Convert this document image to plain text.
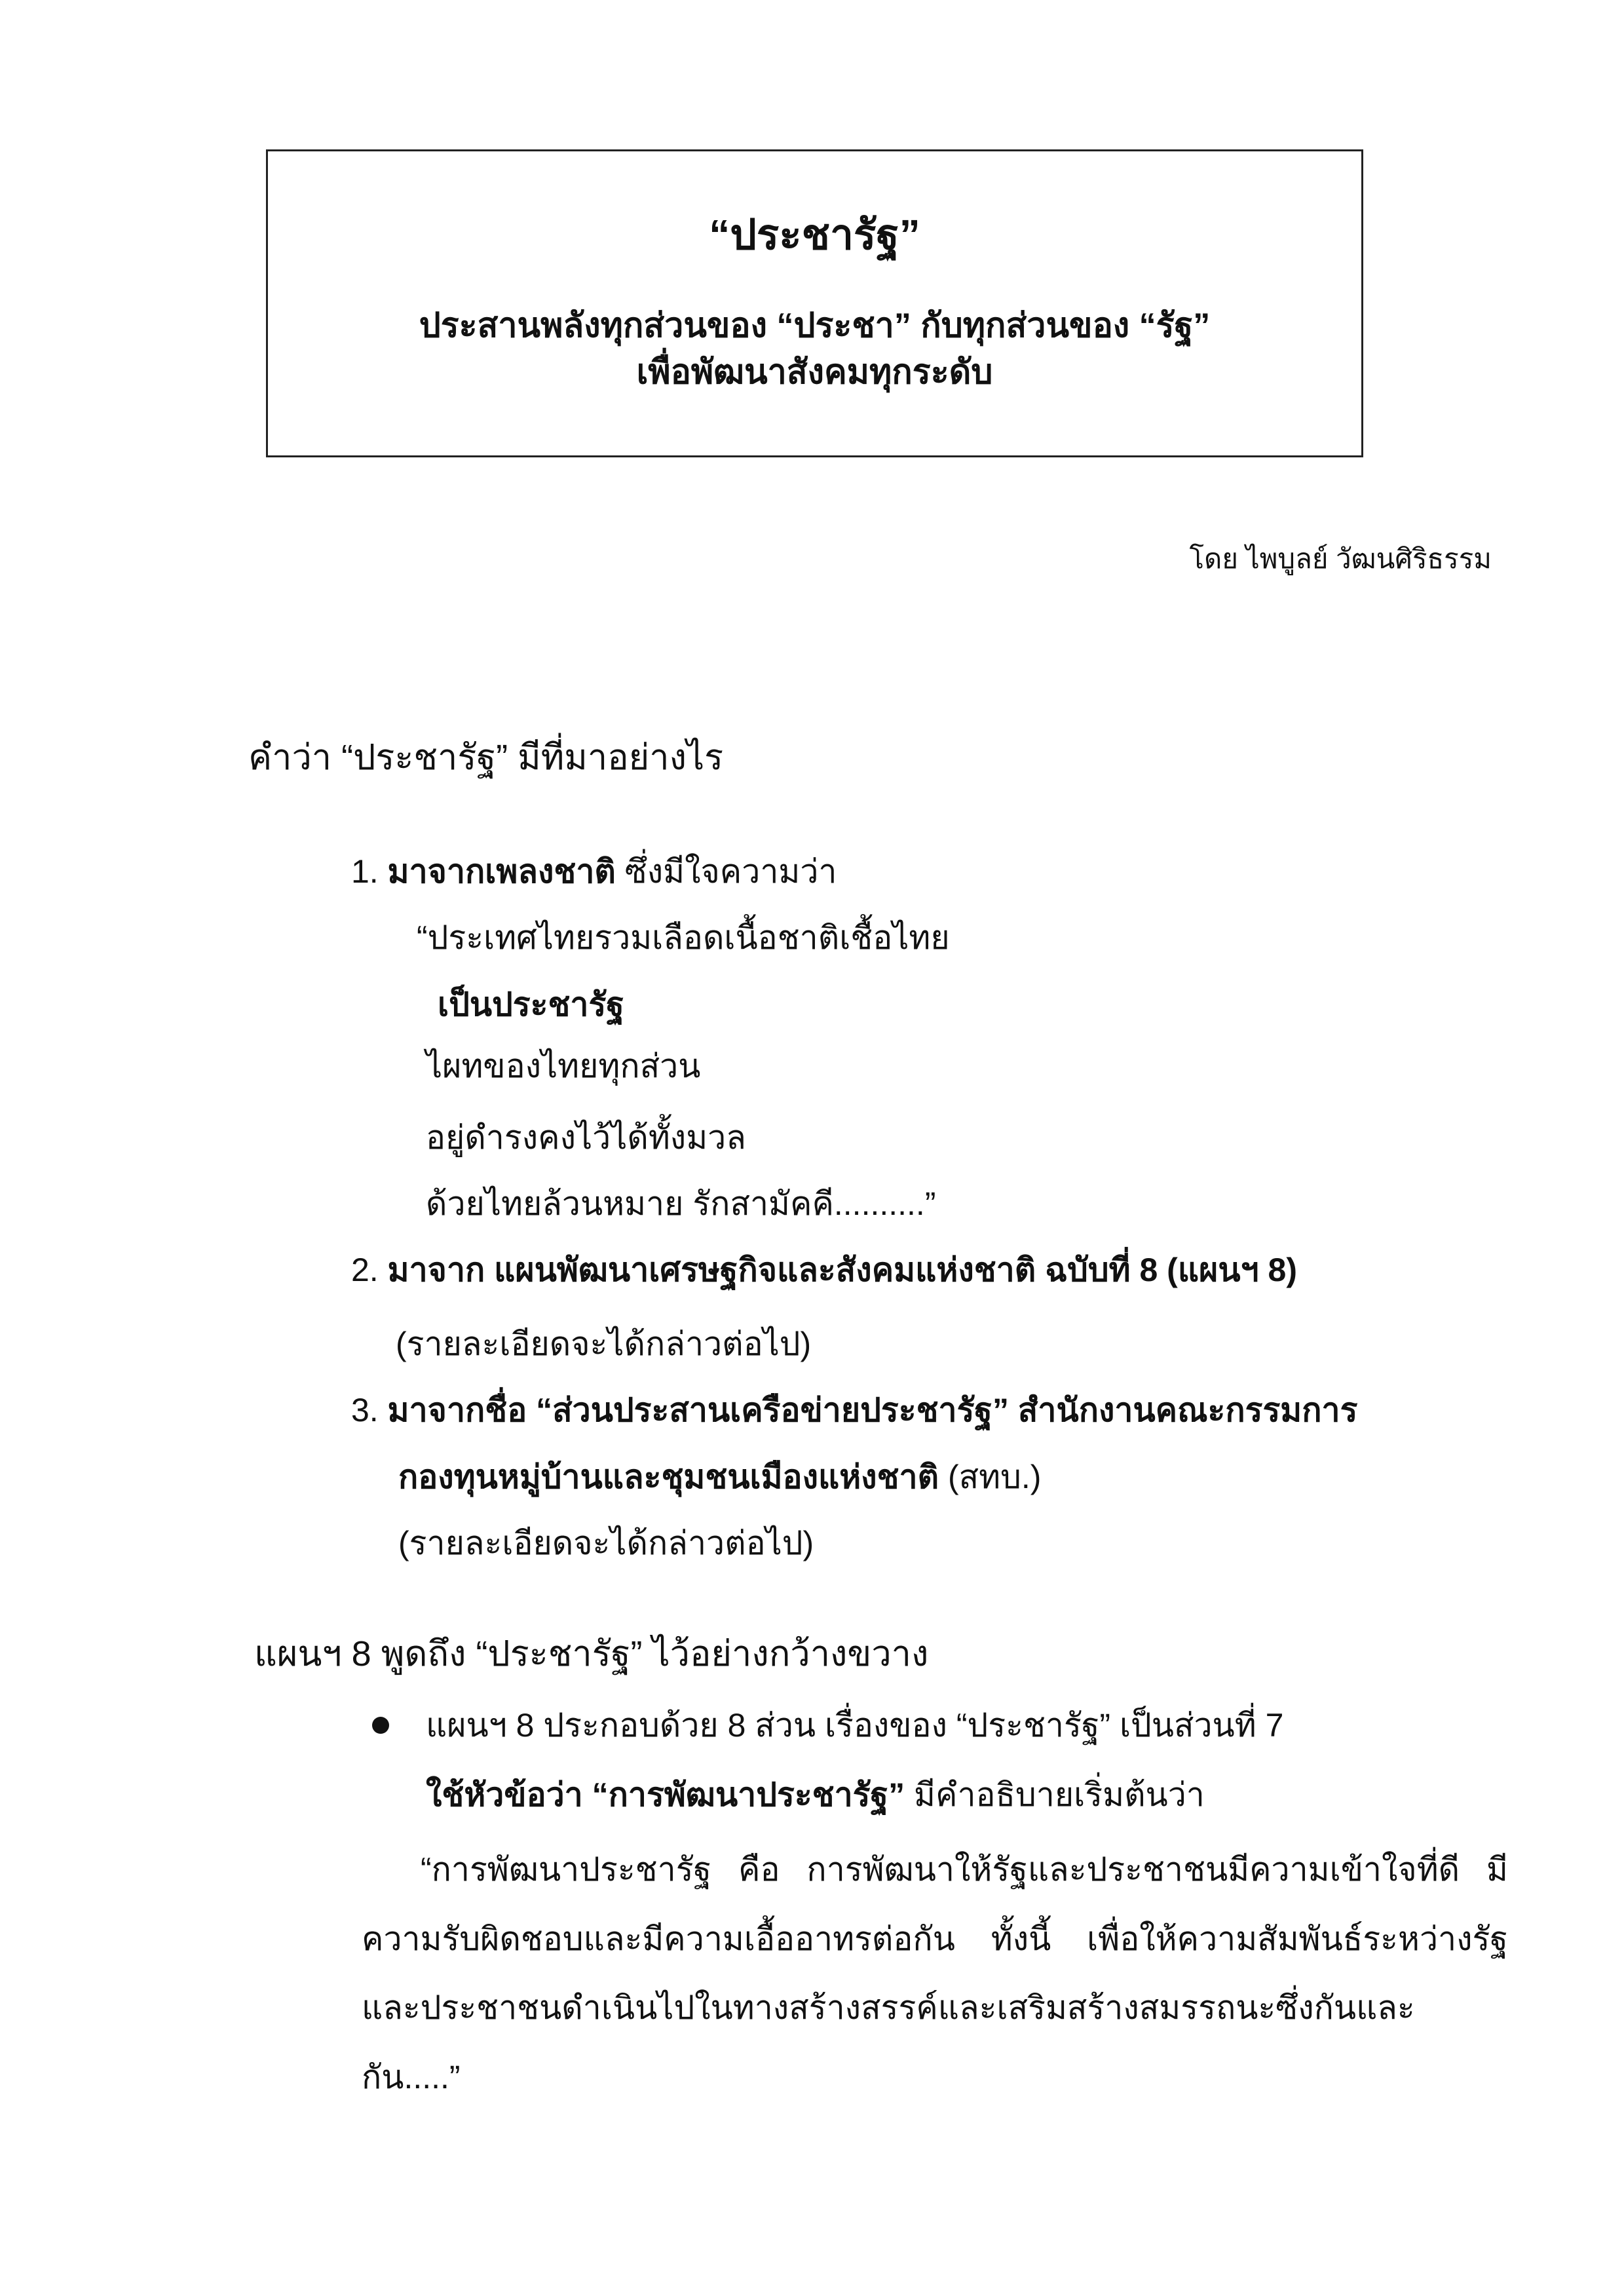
“ประชารัฐ”
ประสานพลังทุกส่วนของ “ประชา” กับทุกส่วนของ “รัฐ”
เพื่อพัฒนาสังคมทุกระดับ
โดย ไพบูลย์ วัฒนศิริธรรม
คำว่า “ประชารัฐ” มีที่มาอย่างไร
1. มาจากเพลงชาติ ซึ่งมีใจความว่า
“ประเทศไทยรวมเลือดเนื้อชาติเชื้อไทย
เป็นประชารัฐ
ไผทของไทยทุกส่วน
อยู่ดำรงคงไว้ได้ทั้งมวล
ด้วยไทยล้วนหมาย รักสามัคคี..........”
2. มาจาก แผนพัฒนาเศรษฐกิจและสังคมแห่งชาติ ฉบับที่ 8 (แผนฯ 8)
(รายละเอียดจะได้กล่าวต่อไป)
3. มาจากชื่อ “ส่วนประสานเครือข่ายประชารัฐ” สำนักงานคณะกรรมการ
กองทุนหมู่บ้านและชุมชนเมืองแห่งชาติ (สทบ.)
(รายละเอียดจะได้กล่าวต่อไป)
แผนฯ 8 พูดถึง “ประชารัฐ” ไว้อย่างกว้างขวาง
แผนฯ 8 ประกอบด้วย 8 ส่วน เรื่องของ “ประชารัฐ” เป็นส่วนที่ 7
ใช้หัวข้อว่า “การพัฒนาประชารัฐ” มีคำอธิบายเริ่มต้นว่า
“การพัฒนาประชารัฐ คือ การพัฒนาให้รัฐและประชาชนมีความเข้าใจที่ดี มีความรับผิดชอบและมีความเอื้ออาทรต่อกัน ทั้งนี้ เพื่อให้ความสัมพันธ์ระหว่างรัฐและประชาชนดำเนินไปในทางสร้างสรรค์และเสริมสร้างสมรรถนะซึ่งกันและกัน.....”
